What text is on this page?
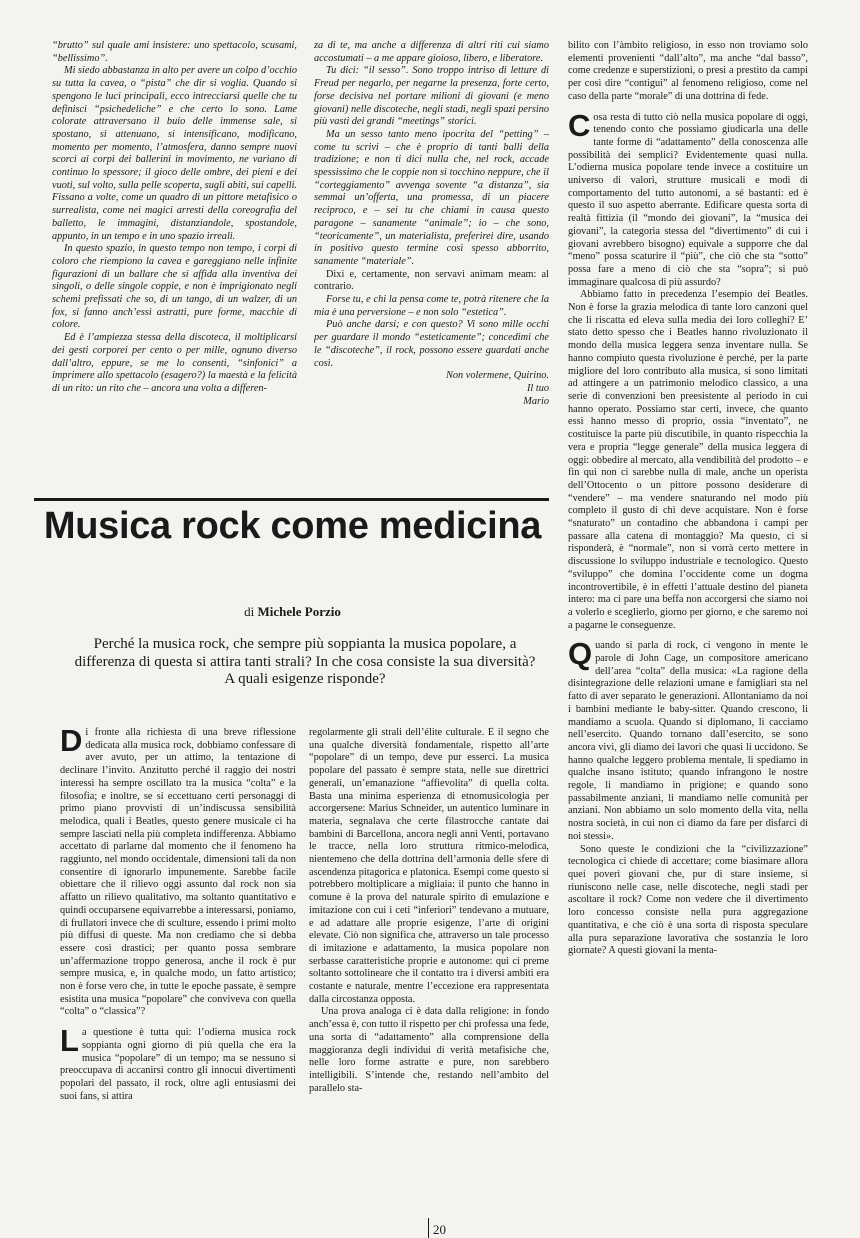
“brutto” sul quale ami insistere: uno spettacolo, scusami, “bellissimo”.

Mi siedo abbastanza in alto per avere un colpo d’occhio su tutta la cavea, o “pista” che dir si voglia. Quando si spengono le luci principali, ecco intrecciarsi quelle che tu definisci “psichedeliche” e che certo lo sono. Lame colorate attraversano il buio delle immense sale, si spostano, si attenuano, si intensificano, modificano, momento per momento, l’atmosfera, danno sempre nuovi scorci ai corpi dei ballerini in movimento, ne variano di continuo lo spessore; il gioco delle ombre, dei pieni e dei vuoti, sul volto, sulla pelle scoperta, sugli abiti, sui capelli. Fissano a volte, come un quadro di un pittore metafisico o surrealista, come nei magici arresti della coreografia del balletto, le immagini, distanziandole, spostandole, appunto, in un tempo e in uno spazio irreali.

In questo spazio, in questo tempo non tempo, i corpi di coloro che riempiono la cavea e gareggiano nelle infinite figurazioni di un ballare che si affida alla inventiva dei singoli, o delle singole coppie, e non è imprigionato negli schemi prefissati che so, di un tango, di un walzer, di un fox, si fanno anch’essi astratti, pure forme, macchie di colore.

Ed è l’ampiezza stessa della discoteca, il moltiplicarsi dei gesti corporei per cento o per mille, ognuno diverso dall’altro, eppure, se me lo consenti, “sinfonici” a imprimere allo spettacolo (esagero?) la maestà e la felicità di un rito: un rito che – ancora una volta a differen-

za di te, ma anche a differenza di altri riti cui siamo accostumati – a me appare gioioso, libero, e liberatore.

Tu dici: “il sesso”. Sono troppo intriso di letture di Freud per negarlo, per negarne la presenza, forte certo, forse decisiva nel portare milioni di giovani (e meno giovani) nelle discoteche, negli stadi, negli spazi persino più vasti dei grandi “meetings” storici.

Ma un sesso tanto meno ipocrita del “petting” – come tu scrivi – che è proprio di tanti balli della tradizione; e non ti dici nulla che, nel rock, accade spessissimo che le coppie non si tocchino neppure, che il “corteggiamento” avvenga sovente “a distanza”, sia semmai un’offerta, una promessa, di un piacere reciproco, e – sei tu che chiami in causa questo paragone – sanamente “animale”; io – che sono, “teoricamente”, un materialista, preferirei dire, usando in positivo questo termine così spesso abborrito, sanamente “materiale”.

Dixi e, certamente, non servavi animam meam: al contrario.

Forse tu, e chi la pensa come te, potrà ritenere che la mia è una perversione – e non solo “estetica”.

Può anche darsi; e con questo? Vi sono mille occhi per guardare il mondo “esteticamente”; concedimi che le “discoteche”, il rock, possono essere guardati anche così.

Non volermene, Quirino.
Il tuo
Mario

bilito con l’àmbito religioso, in esso non troviamo solo elementi provenienti “dall’alto”, ma anche “dal basso”, come credenze e superstizioni, o presi a prestito da campi per così dire “contigui” al fenomeno religioso, come nel caso della parte “morale” di una dottrina di fede.

Cosa resta di tutto ciò nella musica popolare di oggi, tenendo conto che possiamo giudicarla una delle tante forme di “adattamento” della conoscenza alle possibilità dei semplici? Evidentemente quasi nulla. L’odierna musica popolare tende invece a costituire un universo di valori, strutture musicali e modi di comportamento del tutto autonomi, a sé bastanti: ed è questo il suo aspetto aberrante. Edificare questa sorta di realtà fittizia (il “mondo dei giovani”, la “musica dei giovani”, la categoria stessa del “divertimento” di cui i giovani avrebbero bisogno) equivale a supporre che dal “meno” possa scaturire il “più”, che ciò che sta “sotto” possa fare a meno di ciò che sta “sopra”; si può immaginare qualcosa di più assurdo?

Abbiamo fatto in precedenza l’esempio dei Beatles. Non è forse la grazia melodica di tante loro canzoni quel che li riscatta ed eleva sulla media dei loro colleghi? E’ stato detto spesso che i Beatles hanno rivoluzionato il mondo della musica leggera senza inventare nulla. Se hanno compiuto questa rivoluzione è perché, per la parte migliore del loro contributo alla musica, si sono limitati ad attingere a un patrimonio melodico classico, a una serie di convenzioni ben preesistente al periodo in cui hanno operato. Possiamo star certi, invece, che quanto essi hanno messo di proprio, ossia “inventato”, ne costituisce la parte più discutibile, in quanto rispecchia la vera e propria “legge generale” della musica leggera di oggi: obbedire al mercato, alla vendibilità del prodotto – e fin qui non ci sarebbe nulla di male, anche un operista dell’Ottocento o un pittore possono desiderare di “vendere” – ma vendere snaturando nel modo più completo il gusto di chi deve acquistare. Non è forse “snaturato” un contadino che abbandona i campi per passare alla catena di montaggio? Ma questo, ci si risponderà, è “normale”, non si vorrà certo mettere in discussione lo sviluppo industriale e tecnologico. Questo “sviluppo” che domina l’occidente come un dogma incontrovertibile, è in effetti l’attuale destino del pianeta intero: ma ci pare una beffa non accorgersi che siamo noi a volerlo e sceglierlo, giorno per giorno, e che saremo noi a pagarne le conseguenze.

Quando si parla di rock, ci vengono in mente le parole di John Cage, un compositore americano dell’area “colta” della musica: «La ragione della disintegrazione delle relazioni umane e famigliari sta nel fatto di aver separato le generazioni. Allontaniamo da noi i bambini mediante le baby-sitter. Quando crescono, li mandiamo a scuola. Quando si diplomano, li cacciamo nell’esercito. Quando tornano dall’esercito, se sono ancora vivi, gli diamo dei lavori che quasi li uccidono. Se hanno qualche leggero problema mentale, li spediamo in qualche insano istituto; quando infrangono le nostre regole, li mandiamo in prigione; e quando sono passabilmente anziani, li mandiamo nelle comunità per anziani. Non abbiamo un solo momento della vita, nella nostra società, in cui non ci diamo da fare per disfarci di noi stessi».

Sono queste le condizioni che la “civilizzazione” tecnologica ci chiede di accettare; come biasimare allora quei poveri giovani che, pur di stare insieme, si riuniscono nelle case, nelle discoteche, negli stadi per ascoltare il rock? Come non vedere che il divertimento loro concesso consiste nella pura aggregazione quantitativa, e che ciò è una sorta di risposta speculare alla pura separazione lavorativa che sostanzia le loro giornate? A questi giovani la menta-

Musica rock come medicina
di Michele Porzio
Perché la musica rock, che sempre più soppianta la musica popolare, a differenza di questa si attira tanti strali? In che cosa consiste la sua diversità? A quali esigenze risponde?

Di fronte alla richiesta di una breve riflessione dedicata alla musica rock, dobbiamo confessare di aver avuto, per un attimo, la tentazione di declinare l’invito. Anzitutto perché il raggio dei nostri interessi ha sempre oscillato tra la musica “colta” e la filosofia; e inoltre, se si eccettuano certi personaggi di primo piano provvisti di un’indiscussa sensibilità melodica, quali i Beatles, questo genere musicale ci ha sempre lasciati nella più completa indifferenza. Abbiamo accettato di parlarne dal momento che il fenomeno ha raggiunto, nel mondo occidentale, dimensioni tali da non consentire di ignorarlo impunemente. Sarebbe facile obiettare che il rilievo oggi assunto dal rock non sia affatto un rilievo qualitativo, ma soltanto quantitativo e quindi occuparsene equivarrebbe a interessarsi, poniamo, di frullatori invece che di sculture, essendo i primi molto più diffusi di queste. Ma non crediamo che si debba essere così drastici; per quanto possa sembrare un’affermazione troppo generosa, anche il rock è pur sempre musica, e, in qualche modo, un fatto artistico; non è forse vero che, in tutte le epoche passate, è sempre esistita una musica “popolare” che conviveva con quella “colta” o “classica”?

La questione è tutta qui: l’odierna musica rock soppianta ogni giorno di più quella che era la musica “popolare” di un tempo; ma se nessuno si preoccupava di accanirsi contro gli innocui divertimenti popolari del passato, il rock, oltre agli entusiasmi dei suoi fans, si attira

regolarmente gli strali dell’élite culturale. È il segno che una qualche diversità fondamentale, rispetto all’arte “popolare” di un tempo, deve pur esserci. La musica popolare del passato è sempre stata, nelle sue direttrici generali, un’emanazione “affievolita” di quella colta. Basta una minima esperienza di etnomusicologia per accorgersene: Marius Schneider, un autentico luminare in materia, segnalava che certe filastrocche cantate dai bambini di Barcellona, ancora negli anni Venti, portavano le tracce, nella loro struttura ritmico-melodica, nientemeno che della dottrina dell’armonia delle sfere di ascendenza pitagorica e platonica. Esempi come questo si potrebbero moltiplicare a migliaia: il punto che hanno in comune è la prova del naturale spirito di emulazione e imitazione con cui i ceti “inferiori” tendevano a mutuare, e ad adattare alle proprie esigenze, l’arte di origini elevate. Ciò non significa che, attraverso un tale processo di imitazione e adattamento, la musica popolare non serbasse caratteristiche proprie e autonome: qui ci preme soltanto sottolineare che il contatto tra i diversi ambiti era costante e naturale, mentre l’eccezione era rappresentata dalla circostanza opposta.

Una prova analoga ci è data dalla religione: in fondo anch’essa è, con tutto il rispetto per chi professa una fede, una sorta di “adattamento” alla comprensione della maggioranza degli individui di verità metafisiche che, nelle loro forme astratte e pure, non sarebbero intelligibili. S’intende che, restando nell’ambito del parallelo sta-

20
